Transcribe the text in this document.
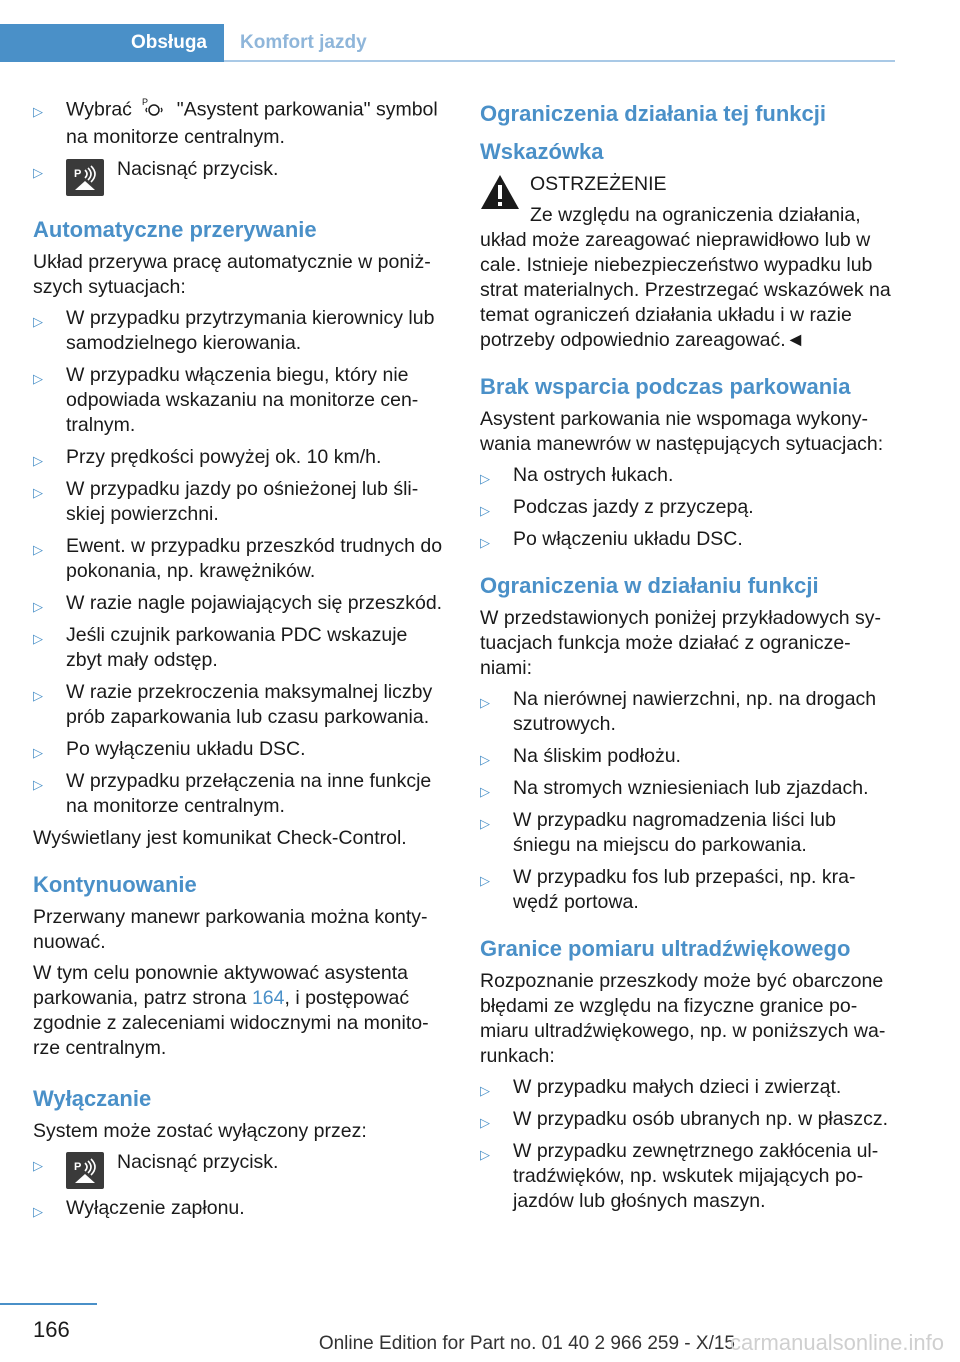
Obsługa	Komfort jazdy
▷ Wybrać P "Asystent parkowania" symbol na monitorze centralnym.
▷	P Nacisnąć przycisk.
Automatyczne przerywanie

Układ przerywa pracę automatycznie w poniż-szych sytuacjach:

▷ W przypadku przytrzymania kierownicy lub samodzielnego kierowania.
▷ W przypadku włączenia biegu, który nie odpowiada wskazaniu na monitorze cen-tralnym.
▷ Przy prędkości powyżej ok. 10 km/h.
▷ W przypadku jazdy po ośnieżonej lub śli-skiej powierzchni.
▷ Ewent. w przypadku przeszkód trudnych do pokonania, np. krawężników.
▷ W razie nagle pojawiających się przeszkód.
▷ Jeśli czujnik parkowania PDC wskazuje zbyt mały odstęp.
▷ W razie przekroczenia maksymalnej liczby prób zaparkowania lub czasu parkowania.
▷ Po wyłączeniu układu DSC.
▷ W przypadku przełączenia na inne funkcje na monitorze centralnym.

Wyświetlany jest komunikat Check-Control.

Kontynuowanie

Przerwany manewr parkowania można konty-nuować.

W tym celu ponownie aktywować asystenta parkowania, patrz strona 164, i postępować zgodnie z zaleceniami widocznymi na monito-rze centralnym.

Wyłączanie

System może zostać wyłączony przez:

▷	P Nacisnąć przycisk.
▷ Wyłączenie zapłonu.
Ograniczenia działania tej funkcji
Wskazówka
OSTRZEŻENIE

Ze względu na ograniczenia działania, układ może zareagować nieprawidłowo lub w cale. Istnieje niebezpieczeństwo wypadku lub strat materialnych. Przestrzegać wskazówek na temat ograniczeń działania układu i w razie potrzeby odpowiednio zareagować.◄

Brak wsparcia podczas parkowania

Asystent parkowania nie wspomaga wykony-wania manewrów w następujących sytuacjach:

▷ Na ostrych łukach.
▷ Podczas jazdy z przyczepą.
▷ Po włączeniu układu DSC.
Ograniczenia w działaniu funkcji

W przedstawionych poniżej przykładowych sy-tuacjach funkcja może działać z ogranicze-niami:

▷ Na nierównej nawierzchni, np. na drogach szutrowych.
▷ Na śliskim podłożu.
▷ Na stromych wzniesieniach lub zjazdach.
▷ W przypadku nagromadzenia liści lub śniegu na miejscu do parkowania.
▷ W przypadku fos lub przepaści, np. kra-wędź portowa.
Granice pomiaru ultradźwiękowego

Rozpoznanie przeszkody może być obarczone błędami ze względu na fizyczne granice po-miaru ultradźwiękowego, np. w poniższych wa-runkach:

▷ W przypadku małych dzieci i zwierząt.
▷ W przypadku osób ubranych np. w płaszcz.
▷ W przypadku zewnętrznego zakłócenia ul-tradźwięków, np. wskutek mijających po-jazdów lub głośnych maszyn.
166
Online Edition for Part no. 01 40 2 966 259 - X/15
carmanualsonline.info
